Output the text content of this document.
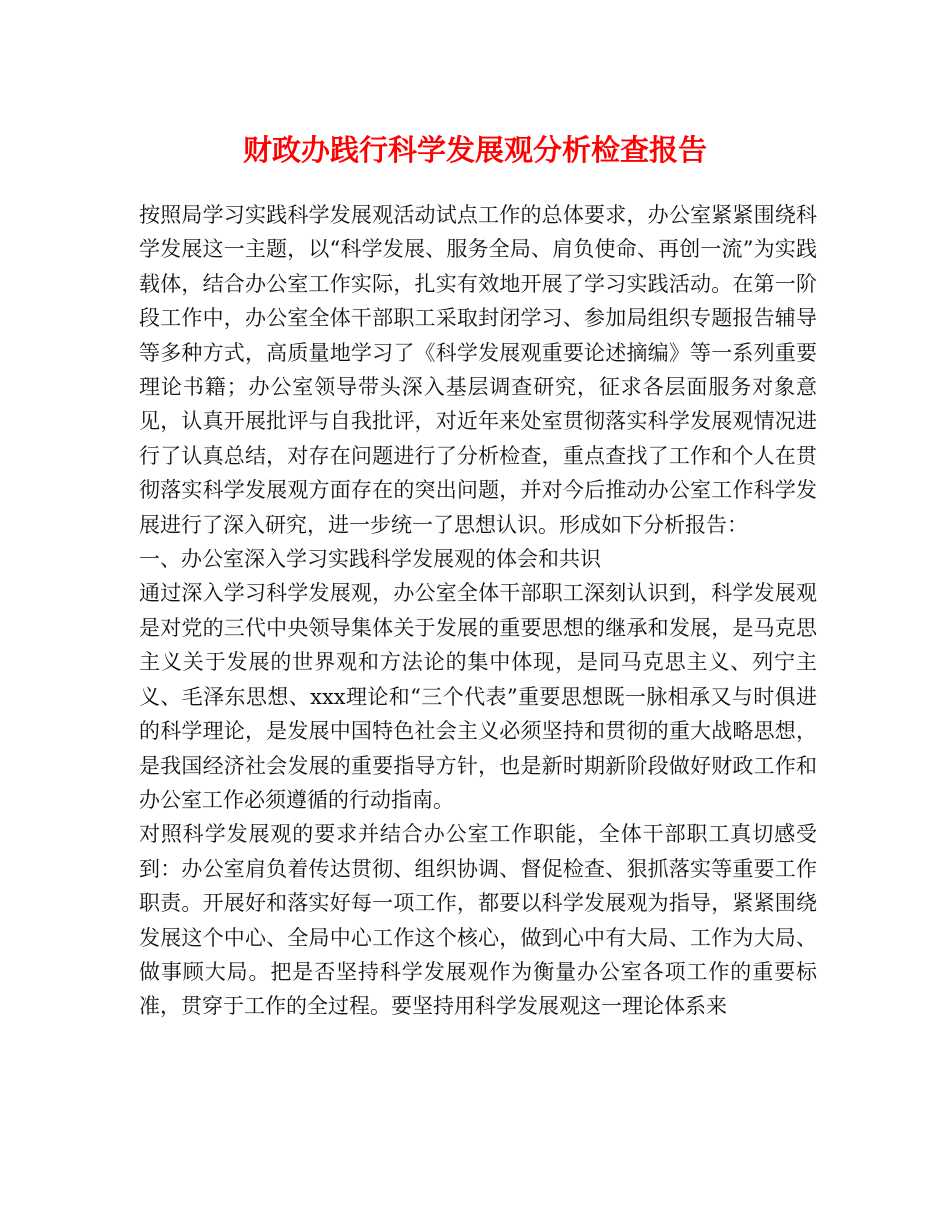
财政办践行科学发展观分析检查报告

按照局学习实践科学发展观活动试点工作的总体要求，办公室紧紧围绕科学发展这一主题，以“科学发展、服务全局、肩负使命、再创一流”为实践载体，结合办公室工作实际，扎实有效地开展了学习实践活动。在第一阶段工作中，办公室全体干部职工采取封闭学习、参加局组织专题报告辅导等多种方式，高质量地学习了《科学发展观重要论述摘编》等一系列重要理论书籍；办公室领导带头深入基层调查研究，征求各层面服务对象意见，认真开展批评与自我批评，对近年来处室贯彻落实科学发展观情况进行了认真总结，对存在问题进行了分析检查，重点查找了工作和个人在贯彻落实科学发展观方面存在的突出问题，并对今后推动办公室工作科学发展进行了深入研究，进一步统一了思想认识。形成如下分析报告：

一、办公室深入学习实践科学发展观的体会和共识

通过深入学习科学发展观，办公室全体干部职工深刻认识到，科学发展观是对党的三代中央领导集体关于发展的重要思想的继承和发展，是马克思主义关于发展的世界观和方法论的集中体现，是同马克思主义、列宁主义、毛泽东思想、xxx理论和“三个代表”重要思想既一脉相承又与时俱进的科学理论，是发展中国特色社会主义必须坚持和贯彻的重大战略思想，是我国经济社会发展的重要指导方针，也是新时期新阶段做好财政工作和办公室工作必须遵循的行动指南。

对照科学发展观的要求并结合办公室工作职能，全体干部职工真切感受到：办公室肩负着传达贯彻、组织协调、督促检查、狠抓落实等重要工作职责。开展好和落实好每一项工作，都要以科学发展观为指导，紧紧围绕发展这个中心、全局中心工作这个核心，做到心中有大局、工作为大局、做事顾大局。把是否坚持科学发展观作为衡量办公室各项工作的重要标准，贯穿于工作的全过程。要坚持用科学发展观这一理论体系来
